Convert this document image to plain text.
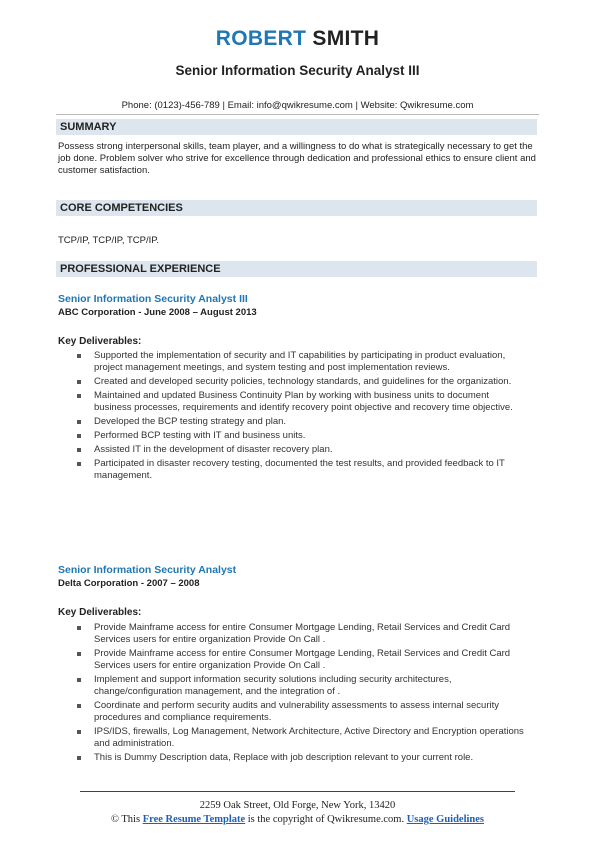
ROBERT SMITH
Senior Information Security Analyst III
Phone: (0123)-456-789 | Email: info@qwikresume.com | Website: Qwikresume.com
SUMMARY
Possess strong interpersonal skills, team player, and a willingness to do what is strategically necessary to get the job done. Problem solver who strive for excellence through dedication and professional ethics to ensure client and customer satisfaction.
CORE COMPETENCIES
TCP/IP, TCP/IP, TCP/IP.
PROFESSIONAL EXPERIENCE
Senior Information Security Analyst III
ABC Corporation - June 2008 – August 2013
Key Deliverables:
Supported the implementation of security and IT capabilities by participating in product evaluation, project management meetings, and system testing and post implementation reviews.
Created and developed security policies, technology standards, and guidelines for the organization.
Maintained and updated Business Continuity Plan by working with business units to document business processes, requirements and identify recovery point objective and recovery time objective.
Developed the BCP testing strategy and plan.
Performed BCP testing with IT and business units.
Assisted IT in the development of disaster recovery plan.
Participated in disaster recovery testing, documented the test results, and provided feedback to IT management.
Senior Information Security Analyst
Delta Corporation - 2007 – 2008
Key Deliverables:
Provide Mainframe access for entire Consumer Mortgage Lending, Retail Services and Credit Card Services users for entire organization Provide On Call .
Provide Mainframe access for entire Consumer Mortgage Lending, Retail Services and Credit Card Services users for entire organization Provide On Call .
Implement and support information security solutions including security architectures, change/configuration management, and the integration of .
Coordinate and perform security audits and vulnerability assessments to assess internal security procedures and compliance requirements.
IPS/IDS, firewalls, Log Management, Network Architecture, Active Directory and Encryption operations and administration.
This is Dummy Description data, Replace with job description relevant to your current role.
2259 Oak Street, Old Forge, New York, 13420
© This Free Resume Template is the copyright of Qwikresume.com. Usage Guidelines
